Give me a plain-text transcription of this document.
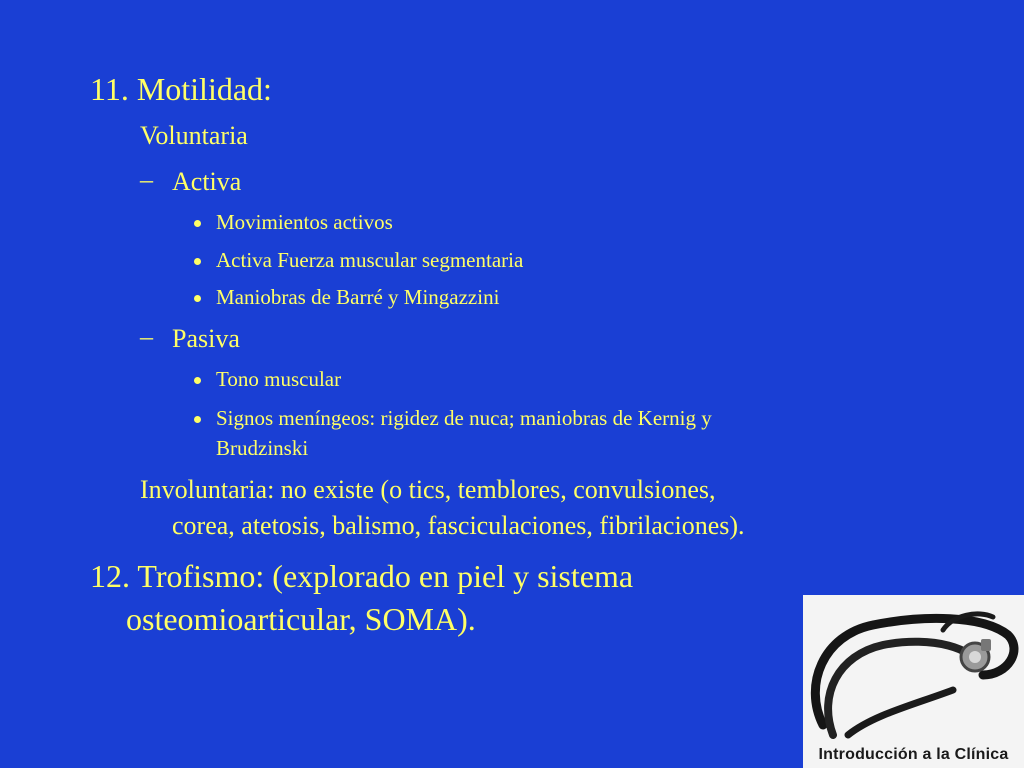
11. Motilidad:
Voluntaria
– Activa
Movimientos activos
Activa Fuerza muscular segmentaria
Maniobras de Barré y Mingazzini
– Pasiva
Tono muscular
Signos meníngeos: rigidez de nuca; maniobras de Kernig y
Brudzinski
Involuntaria: no existe (o tics, temblores, convulsiones,
corea, atetosis, balismo, fasciculaciones, fibrilaciones).
12. Trofismo: (explorado en piel y sistema
osteomioarticular, SOMA).
Introducción a la Clínica
